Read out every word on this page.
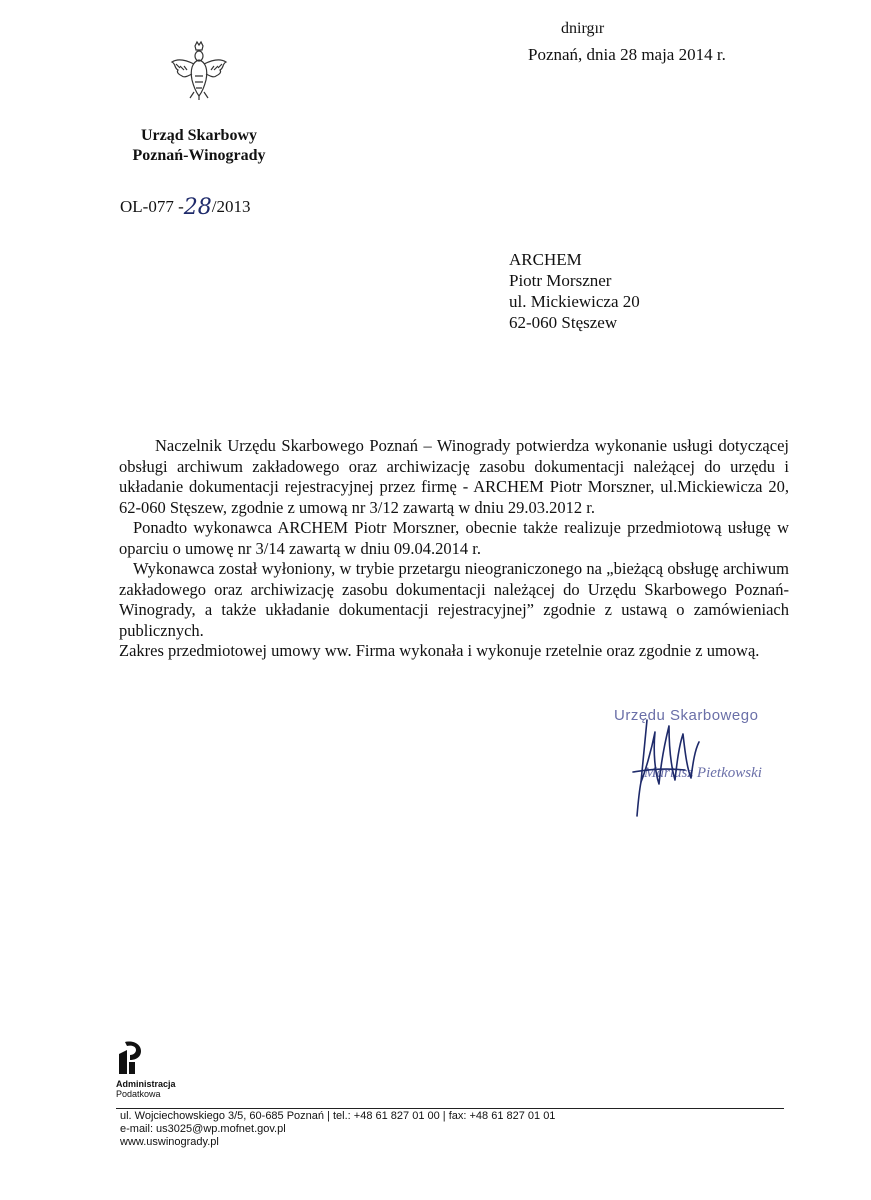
dnirgır
Poznań, dnia 28 maja 2014 r.
Urząd Skarbowy
Poznań-Winogrady
OL-077 -28/2013
ARCHEM
Piotr Morszner
ul. Mickiewicza 20
62-060 Stęszew

Naczelnik Urzędu Skarbowego Poznań – Winogrady potwierdza wykonanie usługi dotyczącej obsługi archiwum zakładowego oraz archiwizację zasobu dokumentacji należącej do urzędu i układanie dokumentacji rejestracyjnej przez firmę - ARCHEM Piotr Morszner, ul.Mickiewicza 20, 62-060 Stęszew, zgodnie z umową nr 3/12 zawartą w dniu 29.03.2012 r.

Ponadto wykonawca ARCHEM Piotr Morszner, obecnie także realizuje przedmiotową usługę w oparciu o umowę nr 3/14 zawartą w dniu 09.04.2014 r.

Wykonawca został wyłoniony, w trybie przetargu nieograniczonego na „bieżącą obsługę archiwum zakładowego oraz archiwizację zasobu dokumentacji należącej do Urzędu Skarbowego Poznań-Winogrady, a także układanie dokumentacji rejestracyjnej” zgodnie z ustawą o zamówieniach publicznych.

Zakres przedmiotowej umowy ww. Firma wykonała i wykonuje rzetelnie oraz zgodnie z umową.

Urzędu Skarbowego
Mariusz Pietkowski
Administracja
Podatkowa
ul. Wojciechowskiego 3/5, 60-685 Poznań | tel.: +48 61 827 01 00 | fax: +48 61 827 01 01
e-mail: us3025@wp.mofnet.gov.pl
www.uswinogrady.pl
